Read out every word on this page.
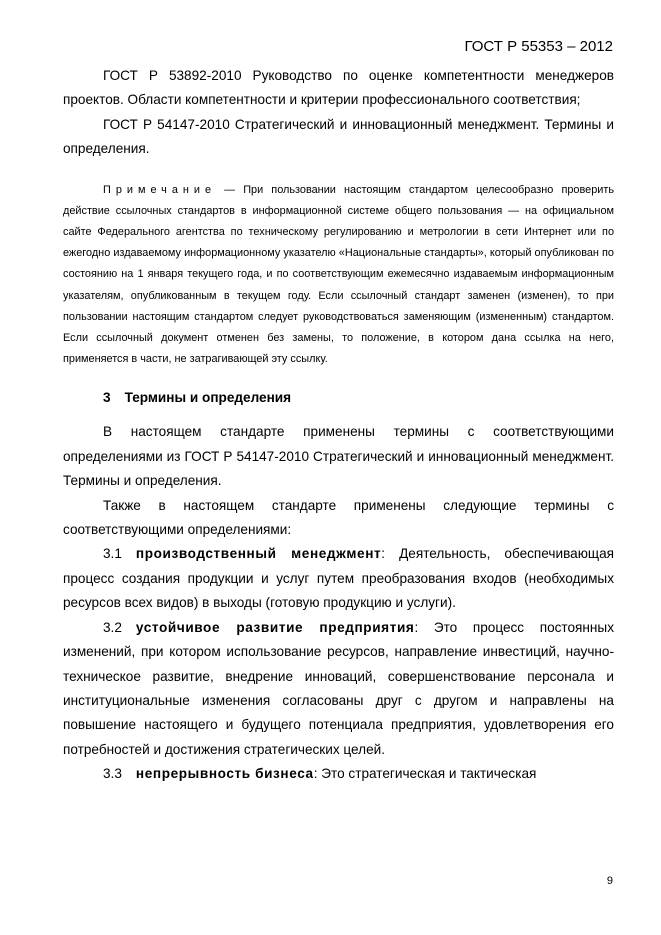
ГОСТ Р 55353 – 2012

ГОСТ Р 53892-2010 Руководство по оценке компетентности менеджеров проектов. Области компетентности и критерии профессионального соответствия;

ГОСТ Р 54147-2010 Стратегический и инновационный менеджмент. Термины и определения.

Примечание — При пользовании настоящим стандартом целесообразно проверить действие ссылочных стандартов в информационной системе общего пользования — на официальном сайте Федерального агентства по техническому регулированию и метрологии в сети Интернет или по ежегодно издаваемому информационному указателю «Национальные стандарты», который опубликован по состоянию на 1 января текущего года, и по соответствующим ежемесячно издаваемым информационным указателям, опубликованным в текущем году. Если ссылочный стандарт заменен (изменен), то при пользовании настоящим стандартом следует руководствоваться заменяющим (измененным) стандартом. Если ссылочный документ отменен без замены, то положение, в котором дана ссылка на него, применяется в части, не затрагивающей эту ссылку.

3 Термины и определения

В настоящем стандарте применены термины с соответствующими определениями из ГОСТ Р 54147-2010 Стратегический и инновационный менеджмент. Термины и определения.

Также в настоящем стандарте применены следующие термины с соответствующими определениями:

3.1 производственный менеджмент: Деятельность, обеспечивающая процесс создания продукции и услуг путем преобразования входов (необходимых ресурсов всех видов) в выходы (готовую продукцию и услуги).

3.2 устойчивое развитие предприятия: Это процесс постоянных изменений, при котором использование ресурсов, направление инвестиций, научно-техническое развитие, внедрение инноваций, совершенствование персонала и институциональные изменения согласованы друг с другом и направлены на повышение настоящего и будущего потенциала предприятия, удовлетворения его потребностей и достижения стратегических целей.

3.3 непрерывность бизнеса: Это стратегическая и тактическая

9
